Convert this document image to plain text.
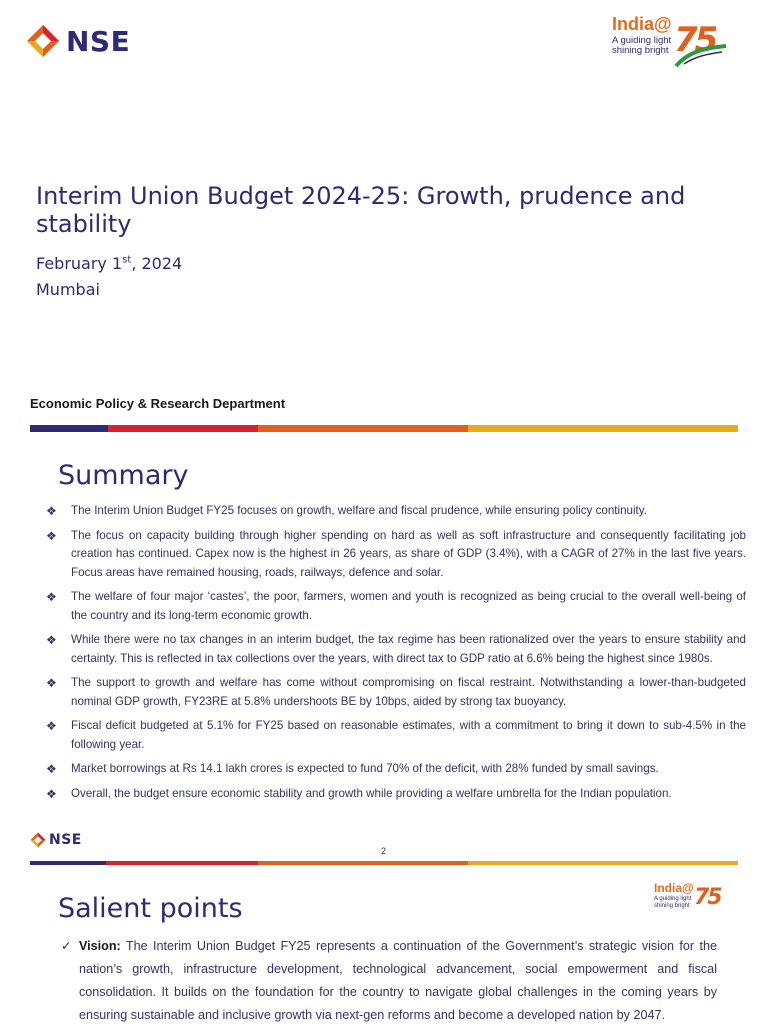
NSE
India@
A guiding light
shining bright 75
Interim Union Budget 2024-25: Growth, prudence and stability
February 1st, 2024
Mumbai
Economic Policy & Research Department
Summary
❖ The Interim Union Budget FY25 focuses on growth, welfare and fiscal prudence, while ensuring policy continuity.
❖ The focus on capacity building through higher spending on hard as well as soft infrastructure and consequently facilitating job creation has continued. Capex now is the highest in 26 years, as share of GDP (3.4%), with a CAGR of 27% in the last five years. Focus areas have remained housing, roads, railways, defence and solar.
❖ The welfare of four major ‘castes’, the poor, farmers, women and youth is recognized as being crucial to the overall well-being of the country and its long-term economic growth.
❖ While there were no tax changes in an interim budget, the tax regime has been rationalized over the years to ensure stability and certainty. This is reflected in tax collections over the years, with direct tax to GDP ratio at 6.6% being the highest since 1980s.
❖ The support to growth and welfare has come without compromising on fiscal restraint. Notwithstanding a lower-than-budgeted nominal GDP growth, FY23RE at 5.8% undershoots BE by 10bps, aided by strong tax buoyancy.
❖ Fiscal deficit budgeted at 5.1% for FY25 based on reasonable estimates, with a commitment to bring it down to sub-4.5% in the following year.
❖ Market borrowings at Rs 14.1 lakh crores is expected to fund 70% of the deficit, with 28% funded by small savings.
❖ Overall, the budget ensure economic stability and growth while providing a welfare umbrella for the Indian population.
NSE
India@
A guiding light
shining bright 75
2
Salient points
✓ Vision: The Interim Union Budget FY25 represents a continuation of the Government’s strategic vision for the nation’s growth, infrastructure development, technological advancement, social empowerment and fiscal consolidation. It builds on the foundation for the country to navigate global challenges in the coming years by ensuring sustainable and inclusive growth via next-gen reforms and become a developed nation by 2047.
